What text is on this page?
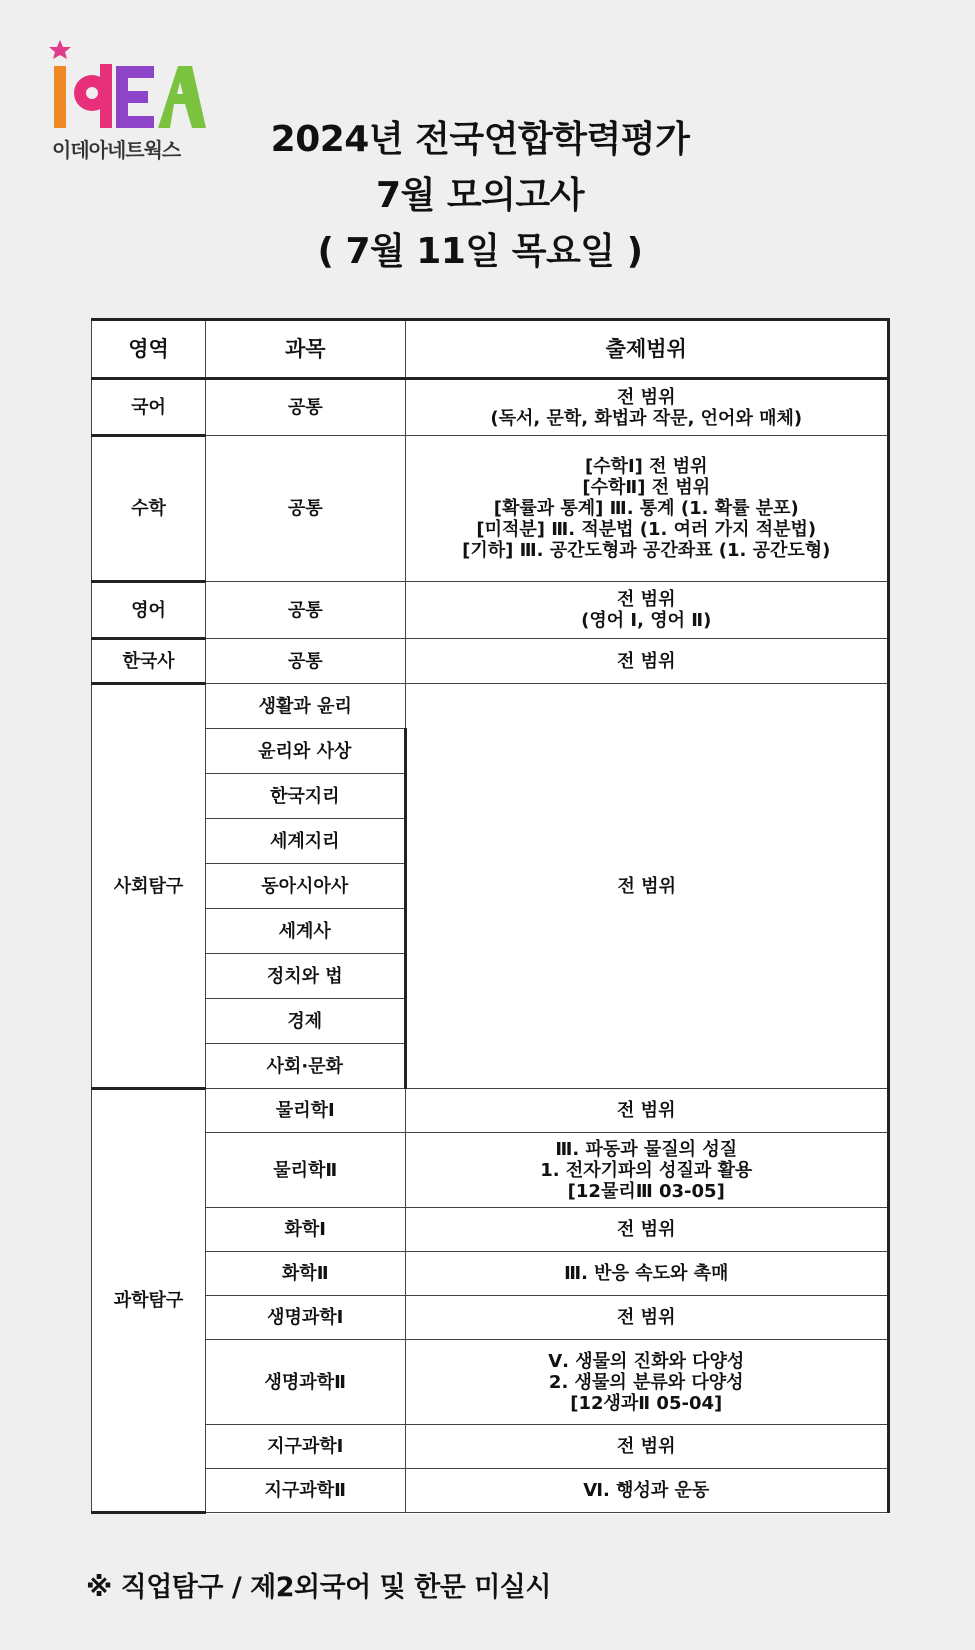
이데아네트웍스	2024년 전국연합학력평가
7월 모의고사
( 7월 11일 목요일 )
영역	과목	출제범위
국어	공통	전 범위
(독서, 문학, 화법과 작문, 언어와 매체)

수학	공통	[수학Ⅰ] 전 범위
[수학Ⅱ] 전 범위
[확률과 통계] Ⅲ. 통계 (1. 확률 분포)
[미적분] Ⅲ. 적분법 (1. 여러 가지 적분법)
[기하] Ⅲ. 공간도형과 공간좌표 (1. 공간도형)

영어	공통	전 범위
(영어 Ⅰ, 영어 Ⅱ)

한국사	공통	전 범위
사회탐구	생활과 윤리	전 범위
	윤리와 사상	
	한국지리	
	세계지리	
	동아시아사	
	세계사	
	정치와 법	
	경제	
	사회·문화	
과학탐구	물리학Ⅰ	전 범위

	물리학Ⅱ	Ⅲ. 파동과 물질의 성질
1. 전자기파의 성질과 활용
[12물리Ⅲ 03-05]

	화학Ⅰ	전 범위

	화학Ⅱ	Ⅲ. 반응 속도와 촉매

	생명과학Ⅰ	전 범위

	생명과학Ⅱ	Ⅴ. 생물의 진화와 다양성
2. 생물의 분류와 다양성
[12생과Ⅱ 05-04]

	지구과학Ⅰ	전 범위

	지구과학Ⅱ	Ⅵ. 행성과 운동
※ 직업탐구 / 제2외국어 및 한문 미실시
